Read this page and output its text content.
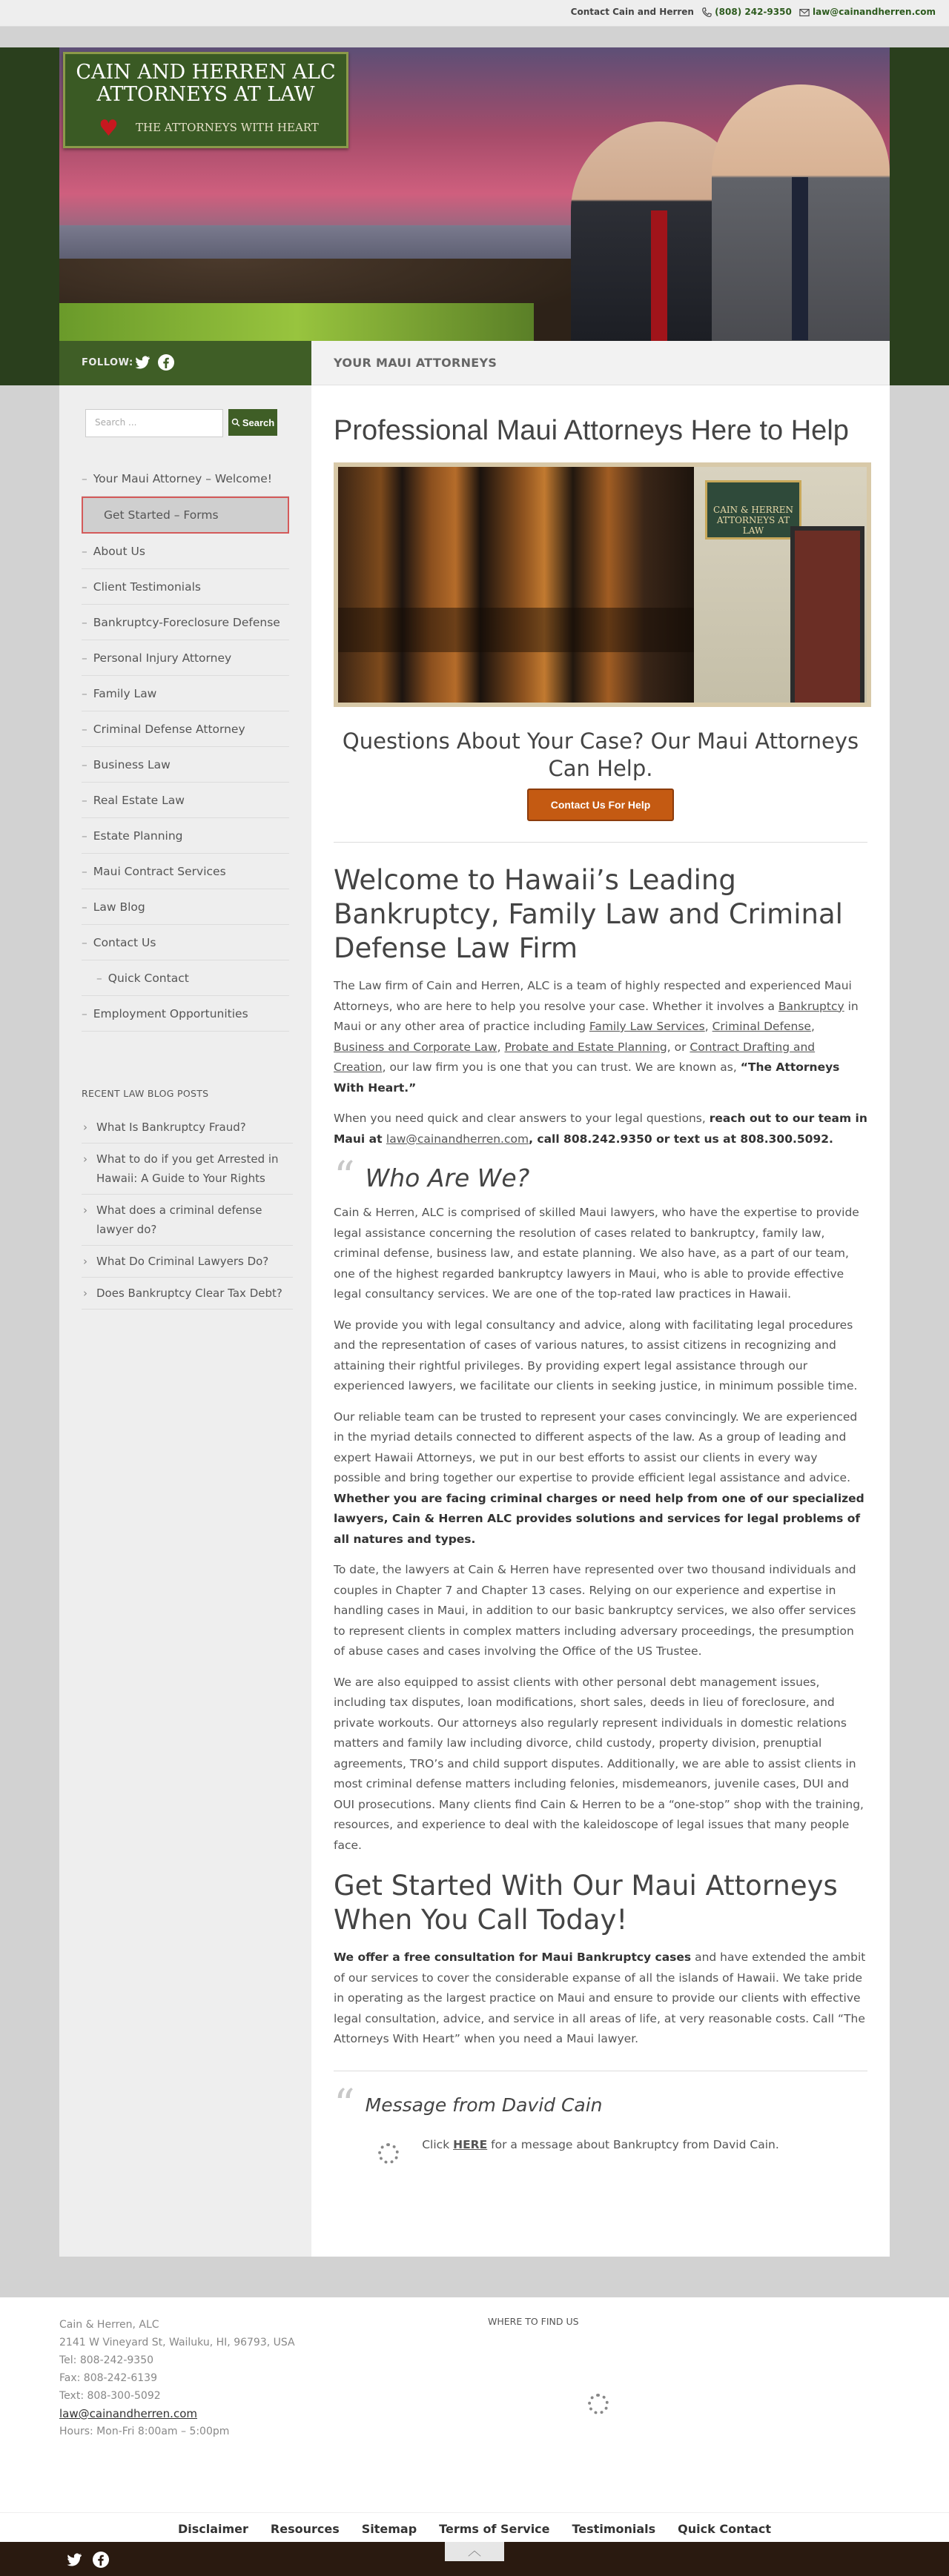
Contact Cain and Herren	(808) 242-9350	law@cainandherren.com
CAIN AND HERREN ALC
ATTORNEYS AT LAW
♥ THE ATTORNEYS WITH HEART
FOLLOW:	YOUR MAUI ATTORNEYS
Search ...	Search
– Your Maui Attorney – Welcome!
Get Started – Forms
– About Us
– Client Testimonials
– Bankruptcy-Foreclosure Defense
– Personal Injury Attorney
– Family Law
– Criminal Defense Attorney
– Business Law
– Real Estate Law
– Estate Planning
– Maui Contract Services
– Law Blog
– Contact Us
– Quick Contact
– Employment Opportunities
RECENT LAW BLOG POSTS
› What Is Bankruptcy Fraud?
› What to do if you get Arrested in Hawaii: A Guide to Your Rights
› What does a criminal defense lawyer do?
› What Do Criminal Lawyers Do?
› Does Bankruptcy Clear Tax Debt?
Professional Maui Attorneys Here to Help
CAIN & HERREN ATTORNEYS AT LAW
Questions About Your Case? Our Maui Attorneys Can Help.
Contact Us For Help
Welcome to Hawaii’s Leading Bankruptcy, Family Law and Criminal Defense Law Firm

The Law firm of Cain and Herren, ALC is a team of highly respected and experienced Maui Attorneys, who are here to help you resolve your case. Whether it involves a Bankruptcy in Maui or any other area of practice including Family Law Services, Criminal Defense, Business and Corporate Law, Probate and Estate Planning, or Contract Drafting and Creation, our law firm you is one that you can trust. We are known as, “The Attorneys With Heart.”

When you need quick and clear answers to your legal questions, reach out to our team in Maui at law@cainandherren.com, call 808.242.9350 or text us at 808.300.5092.

“ Who Are We?

Cain & Herren, ALC is comprised of skilled Maui lawyers, who have the expertise to provide legal assistance concerning the resolution of cases related to bankruptcy, family law, criminal defense, business law, and estate planning. We also have, as a part of our team, one of the highest regarded bankruptcy lawyers in Maui, who is able to provide effective legal consultancy services. We are one of the top-rated law practices in Hawaii.

We provide you with legal consultancy and advice, along with facilitating legal procedures and the representation of cases of various natures, to assist citizens in recognizing and attaining their rightful privileges. By providing expert legal assistance through our experienced lawyers, we facilitate our clients in seeking justice, in minimum possible time.

Our reliable team can be trusted to represent your cases convincingly. We are experienced in the myriad details connected to different aspects of the law. As a group of leading and expert Hawaii Attorneys, we put in our best efforts to assist our clients in every way possible and bring together our expertise to provide efficient legal assistance and advice. Whether you are facing criminal charges or need help from one of our specialized lawyers, Cain & Herren ALC provides solutions and services for legal problems of all natures and types.

To date, the lawyers at Cain & Herren have represented over two thousand individuals and couples in Chapter 7 and Chapter 13 cases. Relying on our experience and expertise in handling cases in Maui, in addition to our basic bankruptcy services, we also offer services to represent clients in complex matters including adversary proceedings, the presumption of abuse cases and cases involving the Office of the US Trustee.

We are also equipped to assist clients with other personal debt management issues, including tax disputes, loan modifications, short sales, deeds in lieu of foreclosure, and private workouts. Our attorneys also regularly represent individuals in domestic relations matters and family law including divorce, child custody, property division, prenuptial agreements, TRO’s and child support disputes. Additionally, we are able to assist clients in most criminal defense matters including felonies, misdemeanors, juvenile cases, DUI and OUI prosecutions. Many clients find Cain & Herren to be a “one-stop” shop with the training, resources, and experience to deal with the kaleidoscope of legal issues that many people face.

Get Started With Our Maui Attorneys When You Call Today!

We offer a free consultation for Maui Bankruptcy cases and have extended the ambit of our services to cover the considerable expanse of all the islands of Hawaii. We take pride in operating as the largest practice on Maui and ensure to provide our clients with effective legal consultation, advice, and service in all areas of life, at very reasonable costs. Call “The Attorneys With Heart” when you need a Maui lawyer.

“ Message from David Cain

Click HERE for a message about Bankruptcy from David Cain.

Cain & Herren, ALC
2141 W Vineyard St, Wailuku, HI, 96793, USA
Tel: 808-242-9350
Fax: 808-242-6139
Text: 808-300-5092
law@cainandherren.com
Hours: Mon-Fri 8:00am – 5:00pm
WHERE TO FIND US
Disclaimer Resources Sitemap Terms of Service Testimonials Quick Contact
︿
